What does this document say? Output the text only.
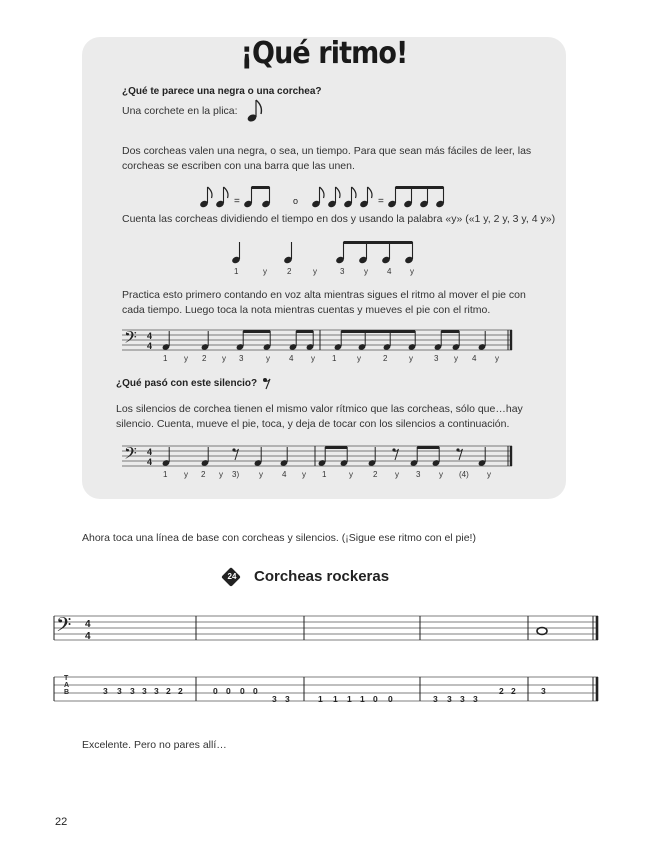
¡Qué ritmo!
¿Qué te parece una negra o una corchea?
Una corchete en la plica:
Dos corcheas valen una negra, o sea, un tiempo. Para que sean más fáciles de leer, las
corcheas se escriben con una barra que las unen.
=	o	=
Cuenta las corcheas dividiendo el tiempo en dos y usando la palabra «y» («1 y, 2 y, 3 y, 4 y»)
1	y	2	y	3 y 4 y
Practica esto primero contando en voz alta mientras sigues el ritmo al mover el pie con
cada tiempo. Luego toca la nota mientras cuentas y mueves el pie con el ritmo.
𝄢 4
4
1 y 2 y 3	y 4 y 1	y	2	y	3 y 4 y
¿Qué pasó con este silencio?
Los silencios de corchea tienen el mismo valor rítmico que las corcheas, sólo que…hay
silencio. Cuenta, mueve el pie, toca, y deja de tocar con los silencios a continuación.
𝄢 4
4
1 y 2 y 3) y 4 y 1	y	2 y 3 y (4) y
Ahora toca una línea de base con corcheas y silencios. (¡Sigue ese ritmo con el pie!)
24	Corcheas rockeras
𝄢 4
4
T
A
B	3 3 3 3 3 2 2	0 0 0 0
3 3	1 1 1 1 0 0	3 3 3 3
2 2	3
Excelente. Pero no pares allí…
22
